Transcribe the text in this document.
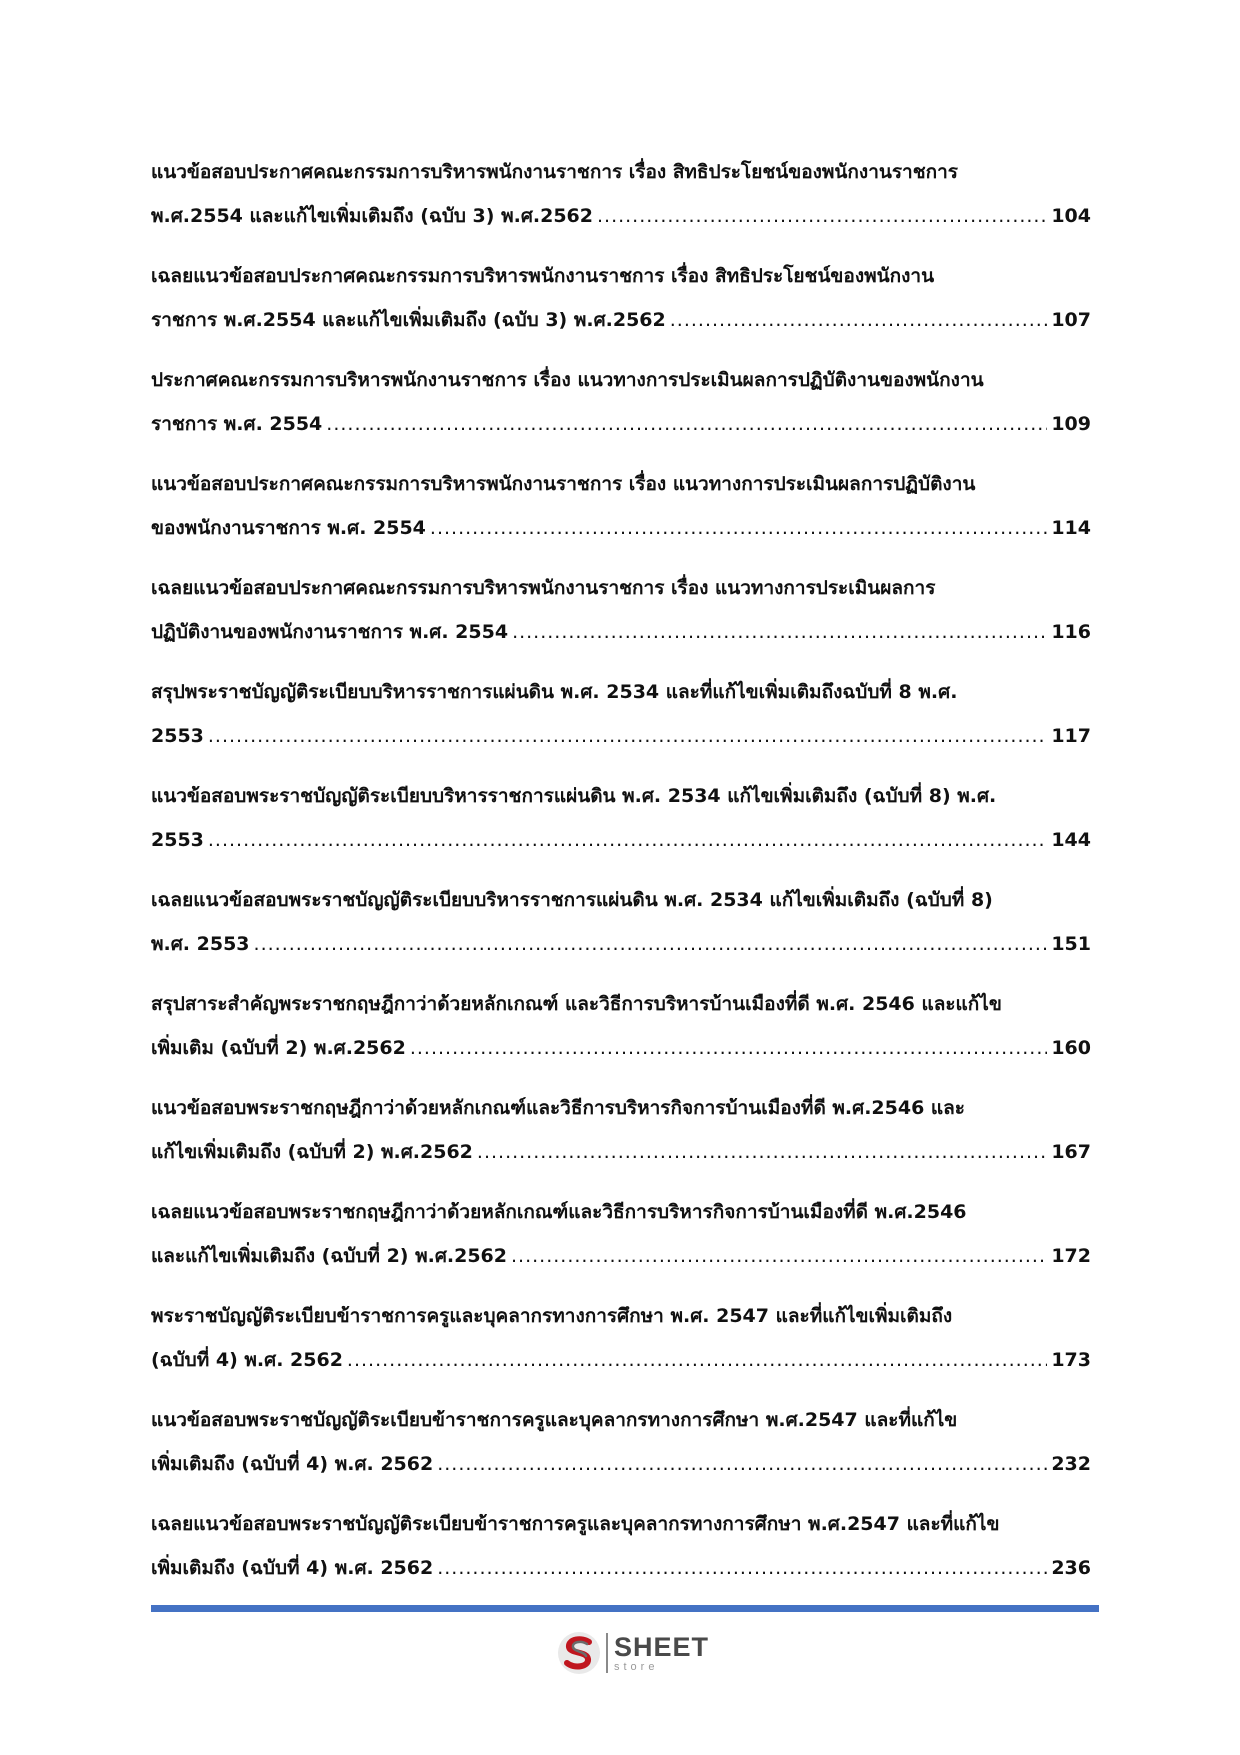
แนวข้อสอบประกาศคณะกรรมการบริหารพนักงานราชการ เรื่อง สิทธิประโยชน์ของพนักงานราชการ
พ.ศ.2554 และแก้ไขเพิ่มเติมถึง (ฉบับ 3) พ.ศ.2562 .....	104
เฉลยแนวข้อสอบประกาศคณะกรรมการบริหารพนักงานราชการ เรื่อง สิทธิประโยชน์ของพนักงาน
ราชการ พ.ศ.2554 และแก้ไขเพิ่มเติมถึง (ฉบับ 3) พ.ศ.2562 .....	107
ประกาศคณะกรรมการบริหารพนักงานราชการ เรื่อง แนวทางการประเมินผลการปฏิบัติงานของพนักงาน
ราชการ พ.ศ. 2554 .....	109
แนวข้อสอบประกาศคณะกรรมการบริหารพนักงานราชการ เรื่อง แนวทางการประเมินผลการปฏิบัติงาน
ของพนักงานราชการ พ.ศ. 2554 .....	114
เฉลยแนวข้อสอบประกาศคณะกรรมการบริหารพนักงานราชการ เรื่อง แนวทางการประเมินผลการ
ปฏิบัติงานของพนักงานราชการ พ.ศ. 2554 .....	116
สรุปพระราชบัญญัติระเบียบบริหารราชการแผ่นดิน พ.ศ. 2534 และที่แก้ไขเพิ่มเติมถึงฉบับที่ 8 พ.ศ.
2553 .....	117
แนวข้อสอบพระราชบัญญัติระเบียบบริหารราชการแผ่นดิน พ.ศ. 2534 แก้ไขเพิ่มเติมถึง (ฉบับที่ 8) พ.ศ.
2553 .....	144
เฉลยแนวข้อสอบพระราชบัญญัติระเบียบบริหารราชการแผ่นดิน พ.ศ. 2534 แก้ไขเพิ่มเติมถึง (ฉบับที่ 8)
พ.ศ. 2553 .....	151
สรุปสาระสำคัญพระราชกฤษฎีกาว่าด้วยหลักเกณฑ์ และวิธีการบริหารบ้านเมืองที่ดี พ.ศ. 2546 และแก้ไข
เพิ่มเติม (ฉบับที่ 2) พ.ศ.2562 .....	160
แนวข้อสอบพระราชกฤษฎีกาว่าด้วยหลักเกณฑ์และวิธีการบริหารกิจการบ้านเมืองที่ดี พ.ศ.2546 และ
แก้ไขเพิ่มเติมถึง (ฉบับที่ 2) พ.ศ.2562 .....	167
เฉลยแนวข้อสอบพระราชกฤษฎีกาว่าด้วยหลักเกณฑ์และวิธีการบริหารกิจการบ้านเมืองที่ดี พ.ศ.2546
และแก้ไขเพิ่มเติมถึง (ฉบับที่ 2) พ.ศ.2562 .....	172
พระราชบัญญัติระเบียบข้าราชการครูและบุคลากรทางการศึกษา พ.ศ. 2547 และที่แก้ไขเพิ่มเติมถึง
(ฉบับที่ 4) พ.ศ. 2562 .....	173
แนวข้อสอบพระราชบัญญัติระเบียบข้าราชการครูและบุคลากรทางการศึกษา พ.ศ.2547 และที่แก้ไข
เพิ่มเติมถึง (ฉบับที่ 4) พ.ศ. 2562 .....	232
เฉลยแนวข้อสอบพระราชบัญญัติระเบียบข้าราชการครูและบุคลากรทางการศึกษา พ.ศ.2547 และที่แก้ไข
เพิ่มเติมถึง (ฉบับที่ 4) พ.ศ. 2562 .....	236
SHEET
store
